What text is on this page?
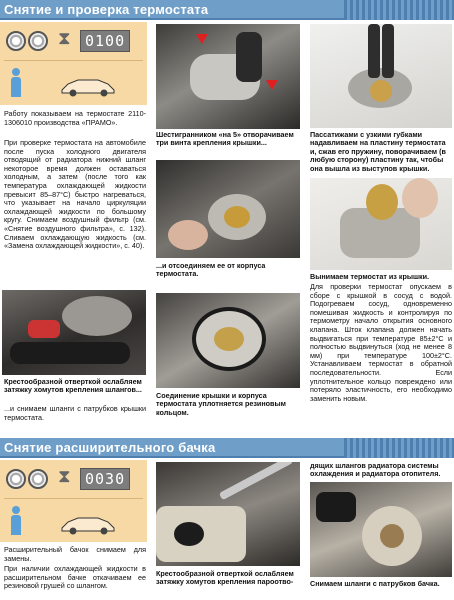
Снятие и проверка термостата
⧗ 0100
Работу показываем на термостате 2110-1306010 производства «ПРАМО».
При проверке термостата на автомобиле после пуска холодного двигателя отводящий от радиатора нижний шланг некоторое время должен оставаться холодным, а затем (после того как температура охлаждающей жидкости превысит 85–87°С) быстро нагреваться, что указывает на начало циркуляции охлаждающей жидкости по большому кругу. Снимаем воздушный фильтр (см. «Снятие воздушного фильтра», с. 132). Сливаем охлаждающую жидкость (см. «Замена охлаждающей жидкости», с. 40).
Крестообразной отверткой ослабляем затяжку хомутов крепления шлангов...
...и снимаем шланги с патрубков крышки термостата.
Шестигранником «на 5» отворачиваем три винта крепления крышки...
...и отсоединяем ее от корпуса термостата.
Соединение крышки и корпуса термостата уплотняется резиновым кольцом.
Пассатижами с узкими губками надавливаем на пластину термостата и, сжав его пружину, поворачиваем (в любую сторону) пластину так, чтобы она вышла из выступов крышки.
Вынимаем термостат из крышки.
Для проверки термостат опускаем в сборе с крышкой в сосуд с водой. Подогреваем сосуд, одновременно помешивая жидкость и контролируя по термометру начало открытия основного клапана. Шток клапана должен начать выдвигаться при температуре 85±2°С и полностью выдвинуться (ход не менее 8 мм) при температуре 100±2°С. Устанавливаем термостат в обратной последовательности. Если уплотнительное кольцо повреждено или потеряло эластичность, его необходимо заменить новым.
Снятие расширительного бачка
⧗ 0030
Расширительный бачок снимаем для замены.
При наличии охлаждающей жидкости в расширительном бачке откачиваем ее резиновой грушей со шлангом.
Крестообразной отверткой ослабляем затяжку хомутов крепления пароотво-
дящих шлангов радиатора системы охлаждения и радиатора отопителя.
Снимаем шланги с патрубков бачка.
